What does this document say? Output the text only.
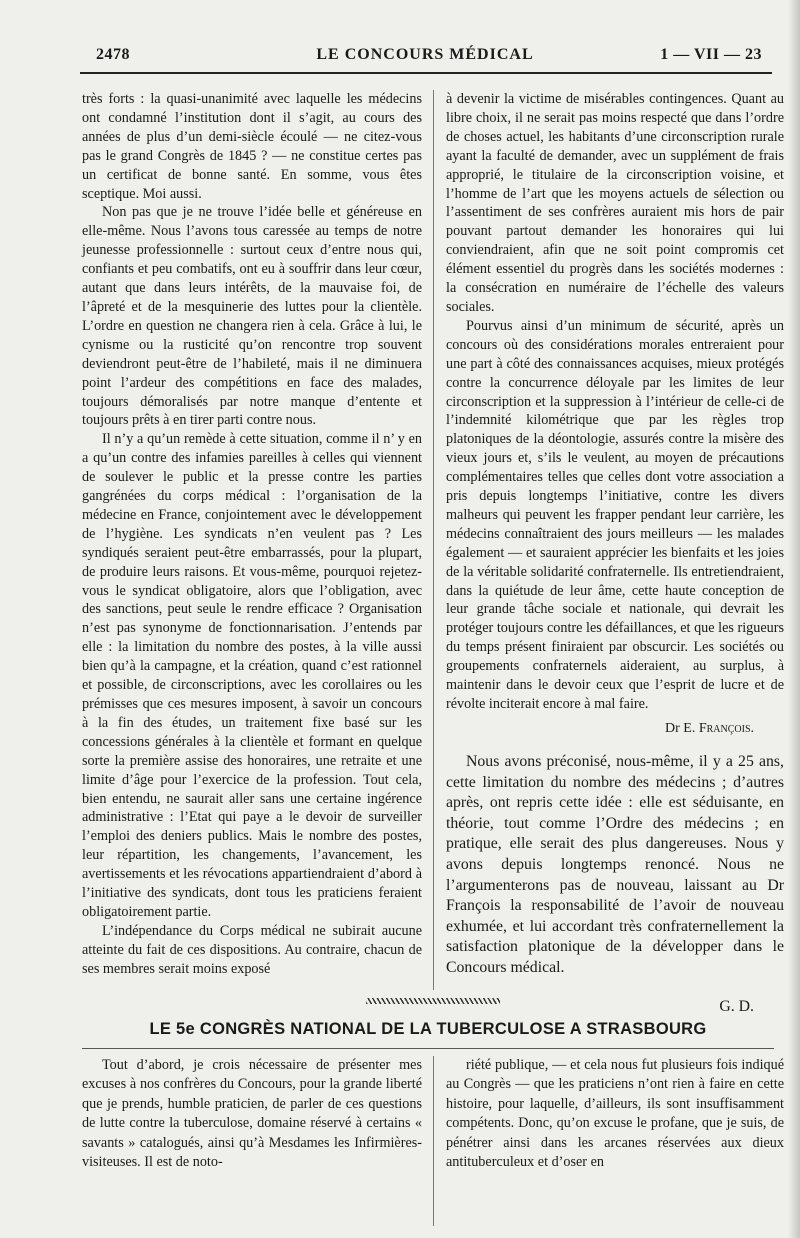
2478	LE CONCOURS MÉDICAL	1 — VII — 23

très forts : la quasi-unanimité avec laquelle les médecins ont condamné l’institution dont il s’agit, au cours des années de plus d’un demi-siècle écoulé — ne citez-vous pas le grand Congrès de 1845 ? — ne constitue certes pas un certificat de bonne santé. En somme, vous êtes sceptique. Moi aussi.

Non pas que je ne trouve l’idée belle et généreuse en elle-même. Nous l’avons tous caressée au temps de notre jeunesse professionnelle : surtout ceux d’entre nous qui, confiants et peu combatifs, ont eu à souffrir dans leur cœur, autant que dans leurs intérêts, de la mauvaise foi, de l’âpreté et de la mesquinerie des luttes pour la clientèle. L’ordre en question ne changera rien à cela. Grâce à lui, le cynisme ou la rusticité qu’on rencontre trop souvent deviendront peut-être de l’habileté, mais il ne diminuera point l’ardeur des compétitions en face des malades, toujours démoralisés par notre manque d’entente et toujours prêts à en tirer parti contre nous.

Il n’y a qu’un remède à cette situation, comme il n’ y en a qu’un contre des infamies pareilles à celles qui viennent de soulever le public et la presse contre les parties gangrénées du corps médical : l’organisation de la médecine en France, conjointement avec le développement de l’hygiène. Les syndicats n’en veulent pas ? Les syndiqués seraient peut-être embarrassés, pour la plupart, de produire leurs raisons. Et vous-même, pourquoi rejetez-vous le syndicat obligatoire, alors que l’obligation, avec des sanctions, peut seule le rendre efficace ? Organisation n’est pas synonyme de fonctionnarisation. J’entends par elle : la limitation du nombre des postes, à la ville aussi bien qu’à la campagne, et la création, quand c’est rationnel et possible, de circonscriptions, avec les corollaires ou les prémisses que ces mesures imposent, à savoir un concours à la fin des études, un traitement fixe basé sur les concessions générales à la clientèle et formant en quelque sorte la première assise des honoraires, une retraite et une limite d’âge pour l’exercice de la profession. Tout cela, bien entendu, ne saurait aller sans une certaine ingérence administrative : l’Etat qui paye a le devoir de surveiller l’emploi des deniers publics. Mais le nombre des postes, leur répartition, les changements, l’avancement, les avertissements et les révocations appartiendraient d’abord à l’initiative des syndicats, dont tous les praticiens feraient obligatoirement partie.

L’indépendance du Corps médical ne subirait aucune atteinte du fait de ces dispositions. Au contraire, chacun de ses membres serait moins exposé

à devenir la victime de misérables contingences. Quant au libre choix, il ne serait pas moins respecté que dans l’ordre de choses actuel, les habitants d’une circonscription rurale ayant la faculté de demander, avec un supplément de frais approprié, le titulaire de la circonscription voisine, et l’homme de l’art que les moyens actuels de sélection ou l’assentiment de ses confrères auraient mis hors de pair pouvant partout demander les honoraires qui lui conviendraient, afin que ne soit point compromis cet élément essentiel du progrès dans les sociétés modernes : la consécration en numéraire de l’échelle des valeurs sociales.

Pourvus ainsi d’un minimum de sécurité, après un concours où des considérations morales entreraient pour une part à côté des connaissances acquises, mieux protégés contre la concurrence déloyale par les limites de leur circonscription et la suppression à l’intérieur de celle-ci de l’indemnité kilométrique que par les règles trop platoniques de la déontologie, assurés contre la misère des vieux jours et, s’ils le veulent, au moyen de précautions complémentaires telles que celles dont votre association a pris depuis longtemps l’initiative, contre les divers malheurs qui peuvent les frapper pendant leur carrière, les médecins connaîtraient des jours meilleurs — les malades également — et sauraient apprécier les bienfaits et les joies de la véritable solidarité confraternelle. Ils entretiendraient, dans la quiétude de leur âme, cette haute conception de leur grande tâche sociale et nationale, qui devrait les protéger toujours contre les défaillances, et que les rigueurs du temps présent finiraient par obscurcir. Les sociétés ou groupements confraternels aideraient, au surplus, à maintenir dans le devoir ceux que l’esprit de lucre et de révolte inciterait encore à mal faire.

Dr E. François.

Nous avons préconisé, nous-même, il y a 25 ans, cette limitation du nombre des médecins ; d’autres après, ont repris cette idée : elle est séduisante, en théorie, tout comme l’Ordre des médecins ; en pratique, elle serait des plus dangereuses. Nous y avons depuis longtemps renoncé. Nous ne l’argumenterons pas de nouveau, laissant au Dr François la responsabilité de l’avoir de nouveau exhumée, et lui accordant très confraternellement la satisfaction platonique de la développer dans le Concours médical.

G. D.

LE 5e CONGRÈS NATIONAL DE LA TUBERCULOSE A STRASBOURG

Tout d’abord, je crois nécessaire de présenter mes excuses à nos confrères du Concours, pour la grande liberté que je prends, humble praticien, de parler de ces questions de lutte contre la tuberculose, domaine réservé à certains « savants » catalogués, ainsi qu’à Mesdames les Infirmières-visiteuses. Il est de noto-

riété publique, — et cela nous fut plusieurs fois indiqué au Congrès — que les praticiens n’ont rien à faire en cette histoire, pour laquelle, d’ailleurs, ils sont insuffisamment compétents. Donc, qu’on excuse le profane, que je suis, de pénétrer ainsi dans les arcanes réservées aux dieux antituberculeux et d’oser en
